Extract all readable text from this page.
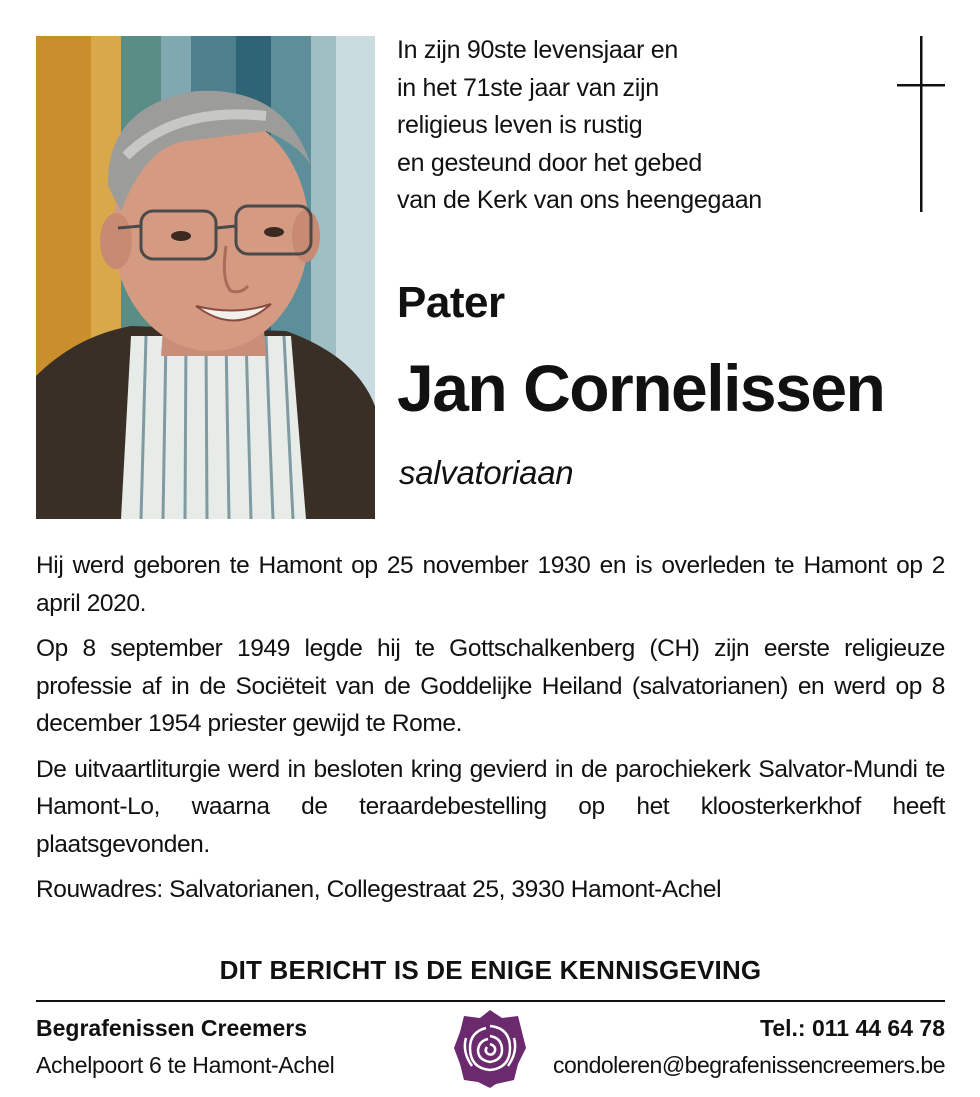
In zijn 90ste levensjaar en
in het 71ste jaar van zijn
religieus leven is rustig
en gesteund door het gebed
van de Kerk van ons heengegaan
Pater
Jan Cornelissen
salvatoriaan

Hij werd geboren te Hamont op 25 november 1930 en is overleden te Hamont op 2 april 2020.

Op 8 september 1949 legde hij te Gottschalkenberg (CH) zijn eerste religieuze professie af in de Sociëteit van de Goddelijke Heiland (salvatorianen) en werd op 8 december 1954 priester gewijd te Rome.

De uitvaartliturgie werd in besloten kring gevierd in de parochiekerk Salvator-Mundi te Hamont-Lo, waarna de teraardebestelling op het kloosterkerkhof heeft plaatsgevonden.

Rouwadres: Salvatorianen, Collegestraat 25, 3930 Hamont-Achel

DIT BERICHT IS DE ENIGE KENNISGEVING
Begrafenissen Creemers
Achelpoort 6 te Hamont-Achel
Tel.: 011 44 64 78
condoleren@begrafenissencreemers.be
